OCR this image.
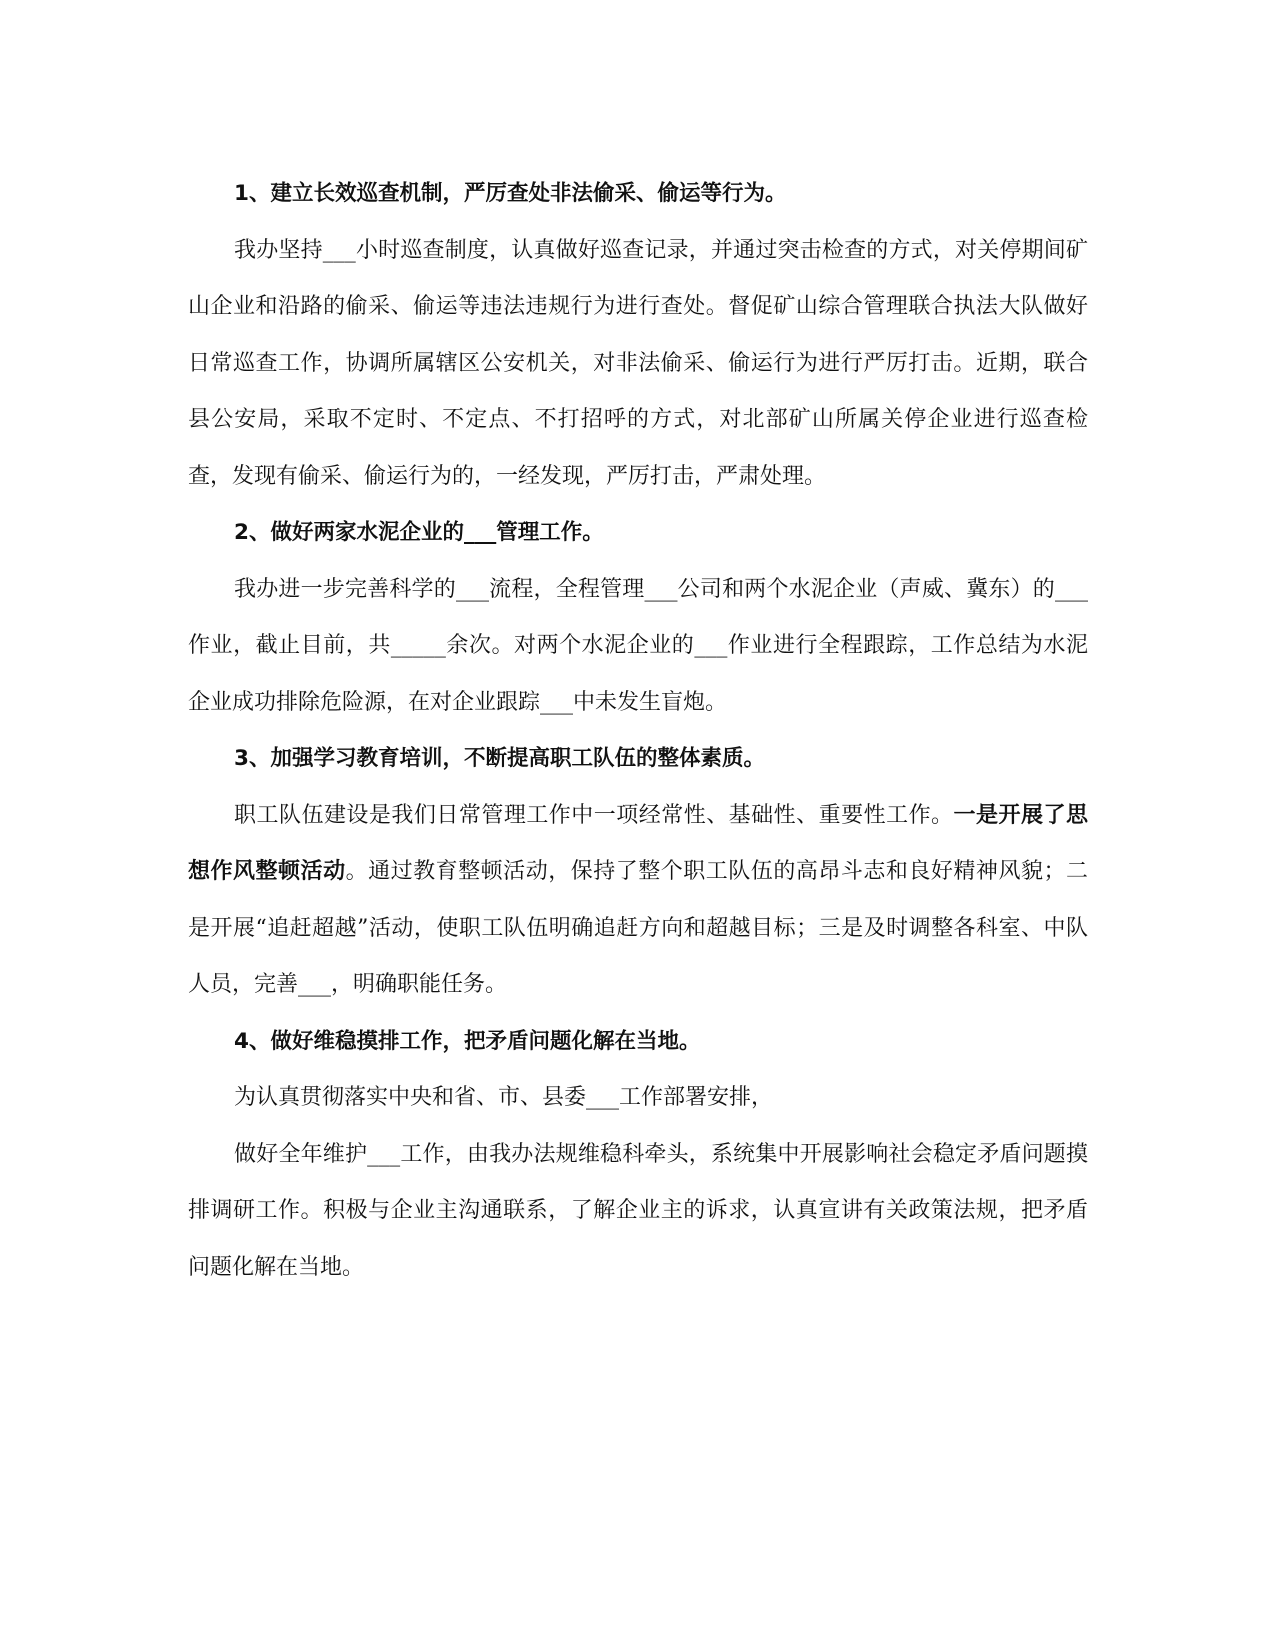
1、建立长效巡查机制，严厉查处非法偷采、偷运等行为。

我办坚持___小时巡查制度，认真做好巡查记录，并通过突击检查的方式，对关停期间矿山企业和沿路的偷采、偷运等违法违规行为进行查处。督促矿山综合管理联合执法大队做好日常巡查工作，协调所属辖区公安机关，对非法偷采、偷运行为进行严厉打击。近期，联合县公安局，采取不定时、不定点、不打招呼的方式，对北部矿山所属关停企业进行巡查检查，发现有偷采、偷运行为的，一经发现，严厉打击，严肃处理。

2、做好两家水泥企业的___管理工作。

我办进一步完善科学的___流程，全程管理___公司和两个水泥企业（声威、冀东）的___作业，截止目前，共_____余次。对两个水泥企业的___作业进行全程跟踪，工作总结为水泥企业成功排除危险源，在对企业跟踪___中未发生盲炮。

3、加强学习教育培训，不断提高职工队伍的整体素质。

职工队伍建设是我们日常管理工作中一项经常性、基础性、重要性工作。一是开展了思想作风整顿活动。通过教育整顿活动，保持了整个职工队伍的高昂斗志和良好精神风貌；二是开展“追赶超越”活动，使职工队伍明确追赶方向和超越目标；三是及时调整各科室、中队人员，完善___，明确职能任务。

4、做好维稳摸排工作，把矛盾问题化解在当地。

为认真贯彻落实中央和省、市、县委___工作部署安排，

做好全年维护___工作，由我办法规维稳科牵头，系统集中开展影响社会稳定矛盾问题摸排调研工作。积极与企业主沟通联系，了解企业主的诉求，认真宣讲有关政策法规，把矛盾问题化解在当地。
